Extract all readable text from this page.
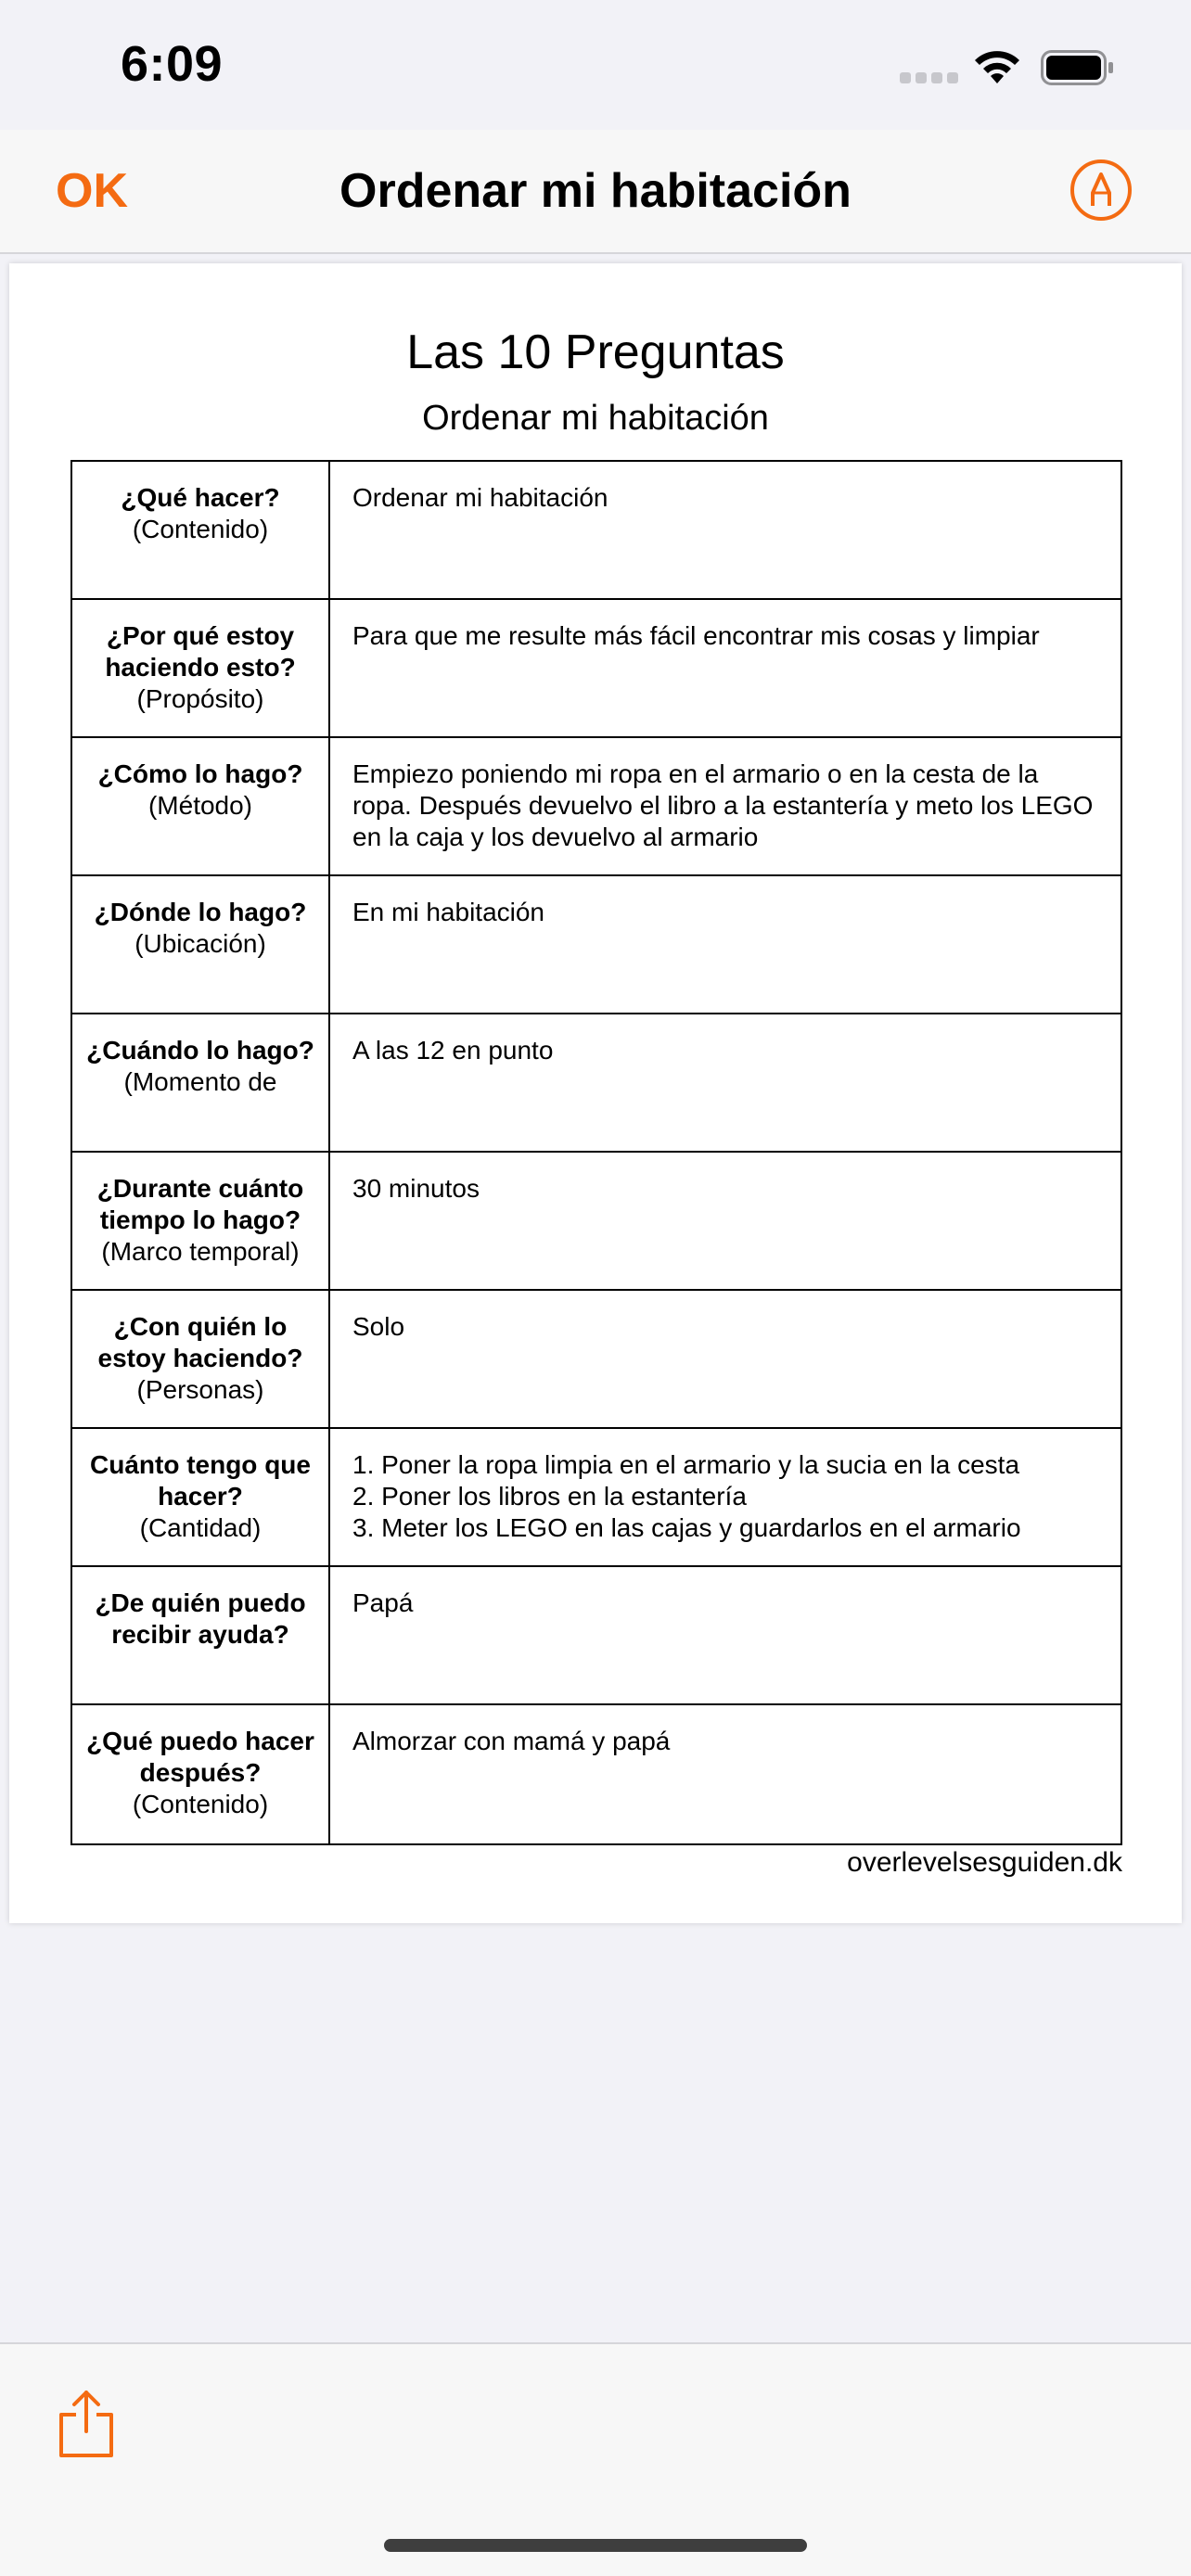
6:09
OK	Ordenar mi habitación
Las 10 Preguntas
Ordenar mi habitación
¿Qué hacer?
(Contenido)
Ordenar mi habitación
¿Por qué estoy haciendo esto?
(Propósito)
Para que me resulte más fácil encontrar mis cosas y limpiar
¿Cómo lo hago?
(Método)
Empiezo poniendo mi ropa en el armario o en la cesta de la ropa. Después devuelvo el libro a la estantería y meto los LEGO en la caja y los devuelvo al armario
¿Dónde lo hago?
(Ubicación)
En mi habitación
¿Cuándo lo hago?
(Momento de
A las 12 en punto
¿Durante cuánto tiempo lo hago?
(Marco temporal)
30 minutos
¿Con quién lo estoy haciendo?
(Personas)
Solo
Cuánto tengo que hacer?
(Cantidad)
1. Poner la ropa limpia en el armario y la sucia en la cesta
2. Poner los libros en la estantería
3. Meter los LEGO en las cajas y guardarlos en el armario
¿De quién puedo recibir ayuda?
Papá
¿Qué puedo hacer después?
(Contenido)
Almorzar con mamá y papá
overlevelsesguiden.dk
